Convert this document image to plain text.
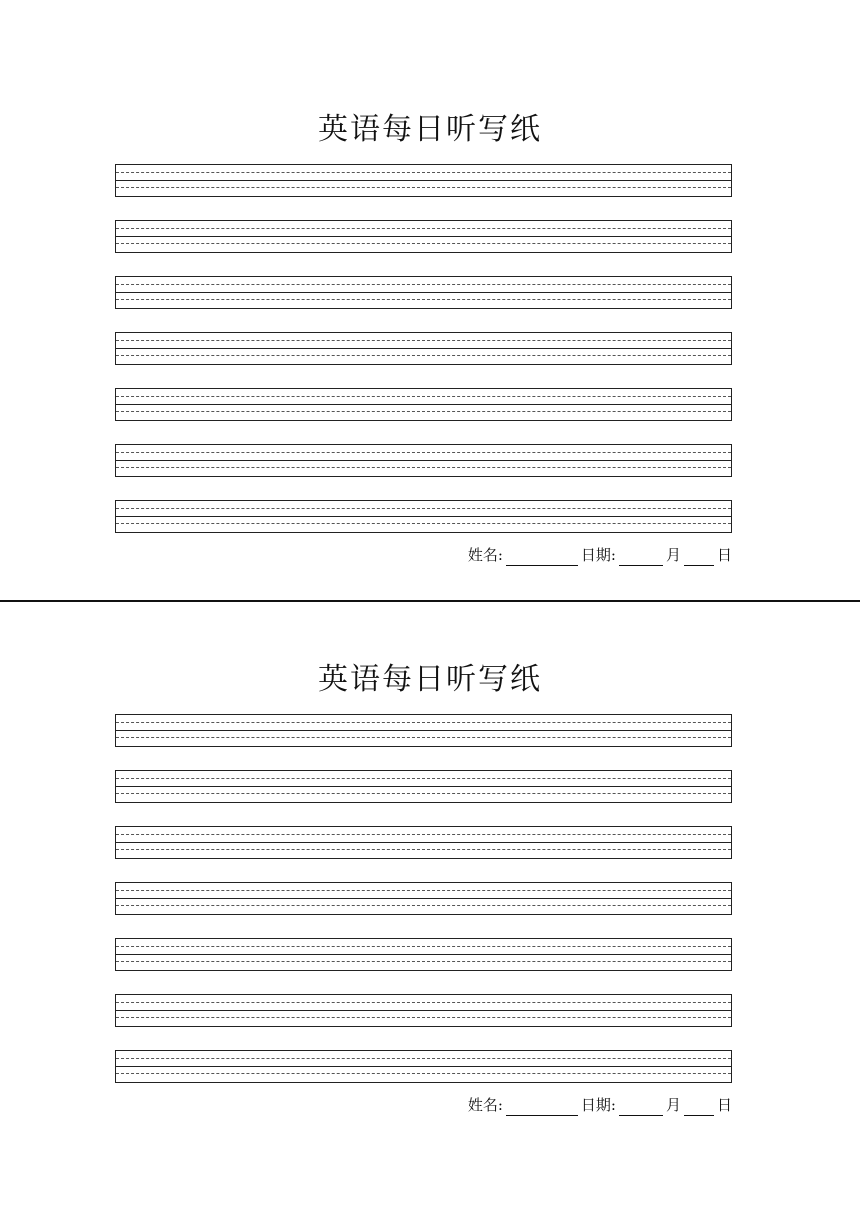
英语每日听写纸
姓名:	日期:	月 日
英语每日听写纸
姓名:	日期:	月 日
